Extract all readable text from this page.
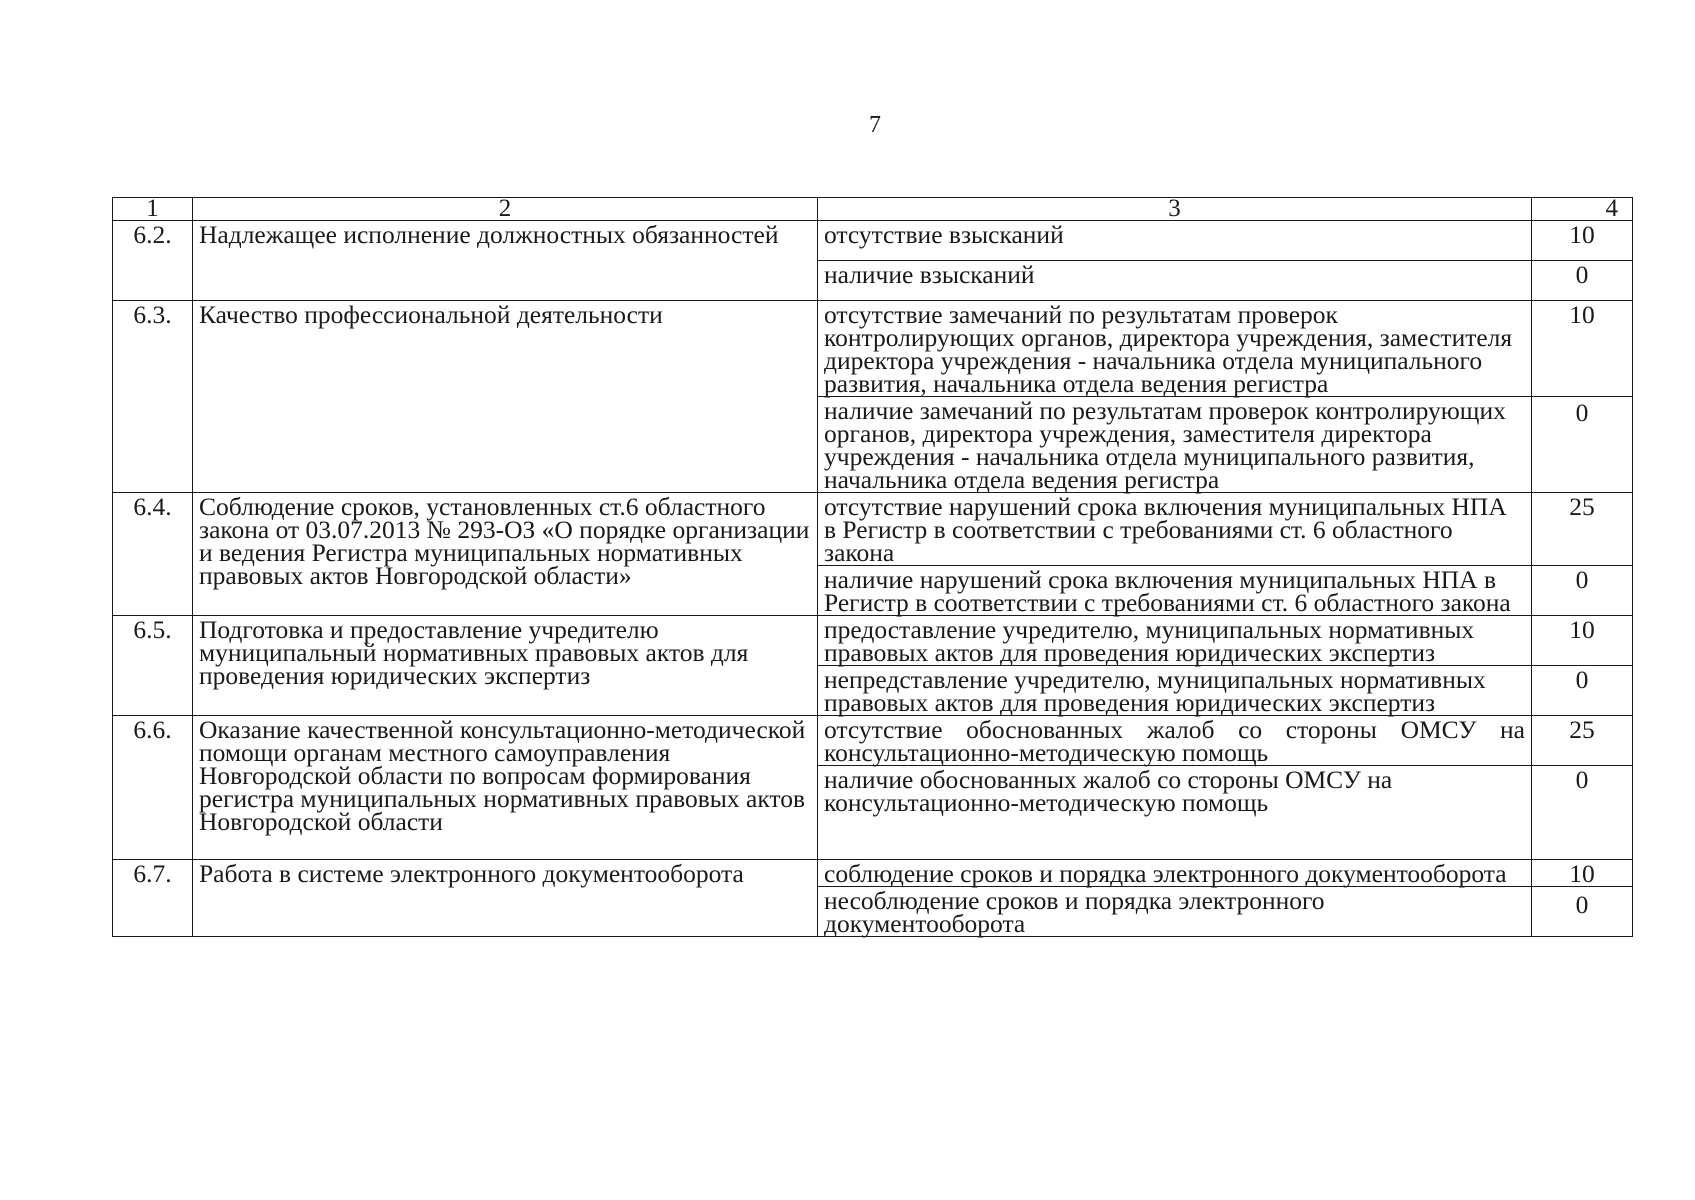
7
1	2	3	4
6.2.	Надлежащее исполнение должностных обязанностей	отсутствие взысканий	10
		наличие взысканий	0
6.3.	Качество профессиональной деятельности	отсутствие замечаний по результатам проверок контролирующих органов, директора учреждения, заместителя директора учреждения - начальника отдела муниципального развития, начальника отдела ведения регистра	10
		наличие замечаний по результатам проверок контролирующих органов, директора учреждения, заместителя директора учреждения - начальника отдела муниципального развития, начальника отдела ведения регистра	0
6.4.	Соблюдение сроков, установленных ст.6 областного закона от 03.07.2013 № 293-ОЗ «О порядке организации и ведения Регистра муниципальных нормативных правовых актов Новгородской области»	отсутствие нарушений срока включения муниципальных НПА в Регистр в соответствии с требованиями ст. 6 областного закона	25
		наличие нарушений срока включения муниципальных НПА в Регистр в соответствии с требованиями ст. 6 областного закона	0
6.5.	Подготовка и предоставление учредителю муниципальный нормативных правовых актов для проведения юридических экспертиз	предоставление учредителю, муниципальных нормативных правовых актов для проведения юридических экспертиз	10
		непредставление учредителю, муниципальных нормативных правовых актов для проведения юридических экспертиз	0
6.6.	Оказание качественной консультационно-методической помощи органам местного самоуправления Новгородской области по вопросам формирования регистра муниципальных нормативных правовых актов Новгородской области	отсутствие обоснованных жалоб со стороны ОМСУ на консультационно-методическую помощь	25
		наличие обоснованных жалоб со стороны ОМСУ на консультационно-методическую помощь	0
6.7.	Работа в системе электронного документооборота	соблюдение сроков и порядка электронного документооборота	10
		несоблюдение сроков и порядка электронного документооборота	0
